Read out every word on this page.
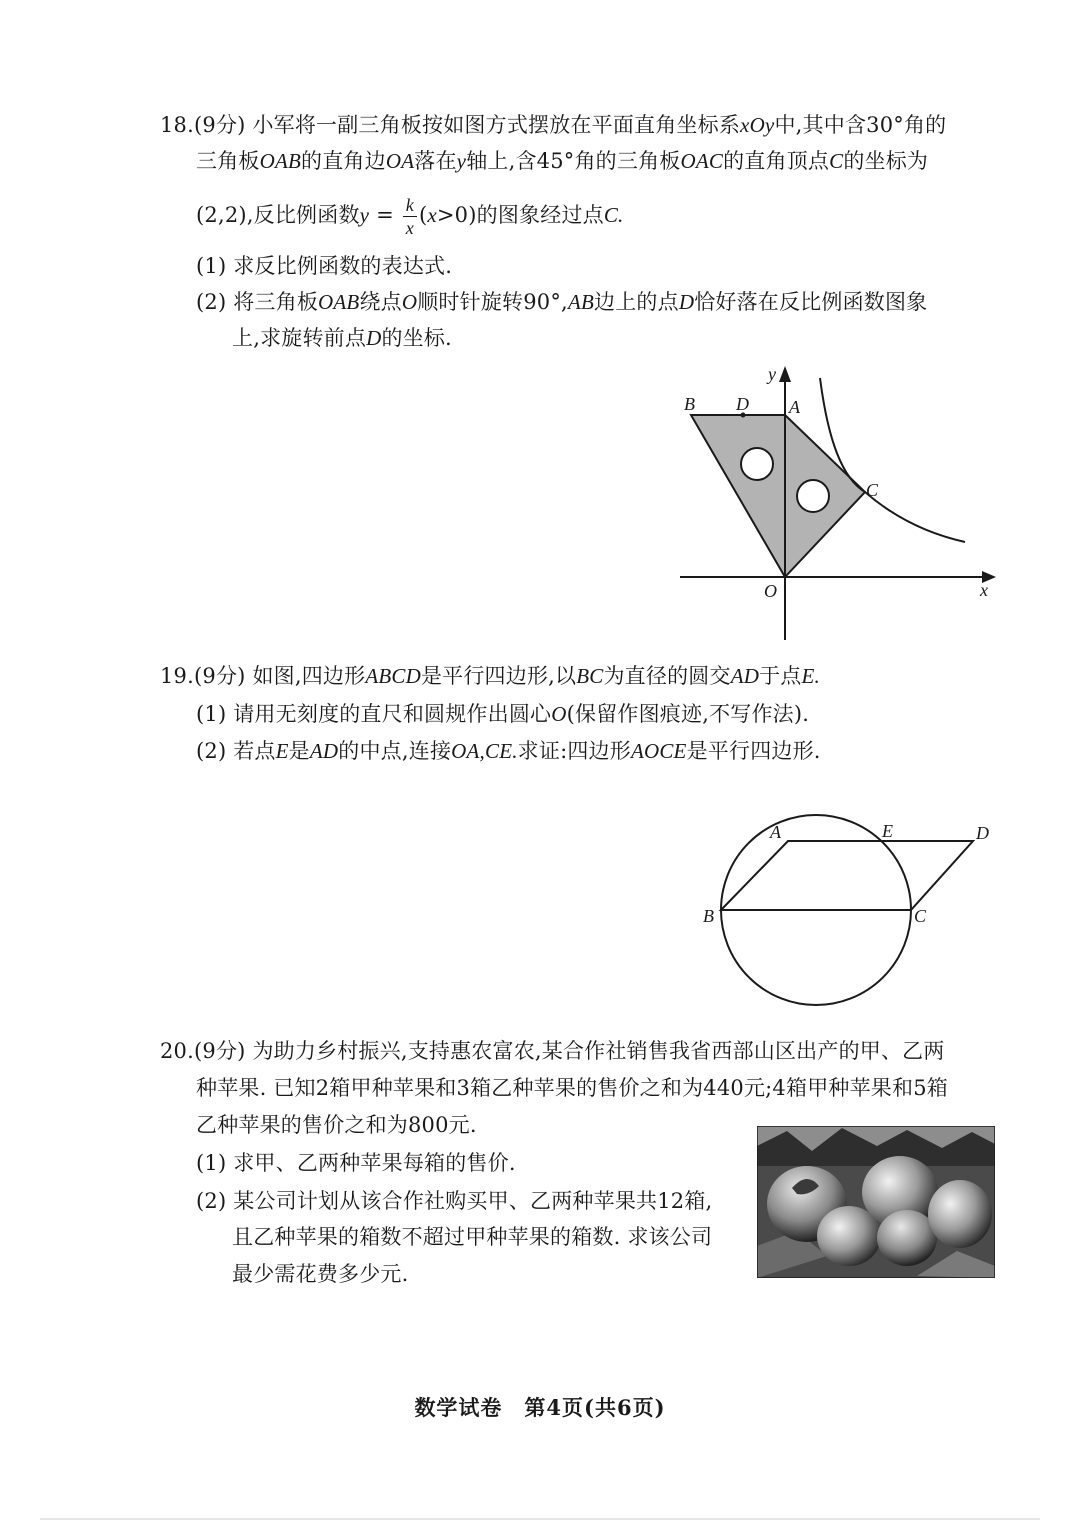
18.(9分) 小军将一副三角板按如图方式摆放在平面直角坐标系xOy中,其中含30°角的
三角板OAB的直角边OA落在y轴上,含45°角的三角板OAC的直角顶点C的坐标为
(2,2),反比例函数$y = \frac{k}{x} (x>0)$的图象经过点C.
(1) 求反比例函数的表达式.
(2) 将三角板OAB绕点O顺时针旋转90°,AB边上的点D恰好落在反比例函数图象
上,求旋转前点D的坐标.
y
x
O
A
B
C
D
19.(9分) 如图,四边形ABCD是平行四边形,以BC为直径的圆交AD于点E.
(1) 请用无刻度的直尺和圆规作出圆心O(保留作图痕迹,不写作法).
(2) 若点E是AD的中点,连接OA,CE.求证:四边形AOCE是平行四边形.
A	E	D
B	C
20.(9分) 为助力乡村振兴,支持惠农富农,某合作社销售我省西部山区出产的甲、乙两
种苹果. 已知2箱甲种苹果和3箱乙种苹果的售价之和为440元;4箱甲种苹果和5箱
乙种苹果的售价之和为800元.
(1) 求甲、乙两种苹果每箱的售价.
(2) 某公司计划从该合作社购买甲、乙两种苹果共12箱,
且乙种苹果的箱数不超过甲种苹果的箱数. 求该公司
最少需花费多少元.
数学试卷　第4页(共6页)
